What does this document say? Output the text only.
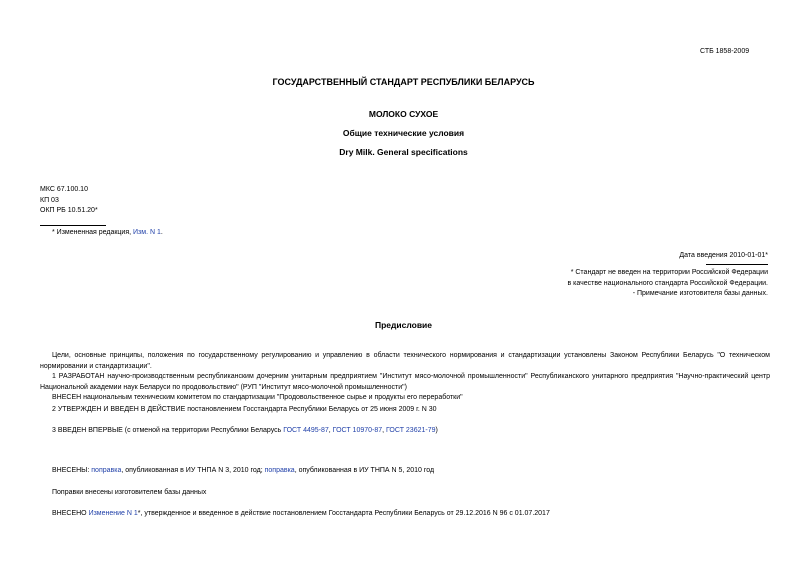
СТБ 1858-2009
ГОСУДАРСТВЕННЫЙ СТАНДАРТ РЕСПУБЛИКИ БЕЛАРУСЬ
МОЛОКО СУХОЕ
Общие технические условия
Dry Milk. General specifications
МКС 67.100.10
КП 03
ОКП РБ 10.51.20*
* Измененная редакция, Изм. N 1.
Дата введения 2010-01-01*
* Стандарт не введен на территории Российской Федерации
в качестве национального стандарта Российской Федерации.
- Примечание изготовителя базы данных.
Предисловие
Цели, основные принципы, положения по государственному регулированию и управлению в области технического нормирования и стандартизации установлены Законом Республики Беларусь "О техническом нормировании и стандартизации".
1 РАЗРАБОТАН научно-производственным республиканским дочерним унитарным предприятием "Институт мясо-молочной промышленности" Республиканского унитарного предприятия "Научно-практический центр Национальной академии наук Беларуси по продовольствию" (РУП "Институт мясо-молочной промышленности")
ВНЕСЕН национальным техническим комитетом по стандартизации "Продовольственное сырье и продукты его переработки"
2 УТВЕРЖДЕН И ВВЕДЕН В ДЕЙСТВИЕ постановлением Госстандарта Республики Беларусь от 25 июня 2009 г. N 30
3 ВВЕДЕН ВПЕРВЫЕ (с отменой на территории Республики Беларусь ГОСТ 4495-87, ГОСТ 10970-87, ГОСТ 23621-79)
ВНЕСЕНЫ: поправка, опубликованная в ИУ ТНПА N 3, 2010 год; поправка, опубликованная в ИУ ТНПА N 5, 2010 год
Поправки внесены изготовителем базы данных
ВНЕСЕНО Изменение N 1*, утвержденное и введенное в действие постановлением Госстандарта Республики Беларусь от 29.12.2016 N 96 с 01.07.2017
